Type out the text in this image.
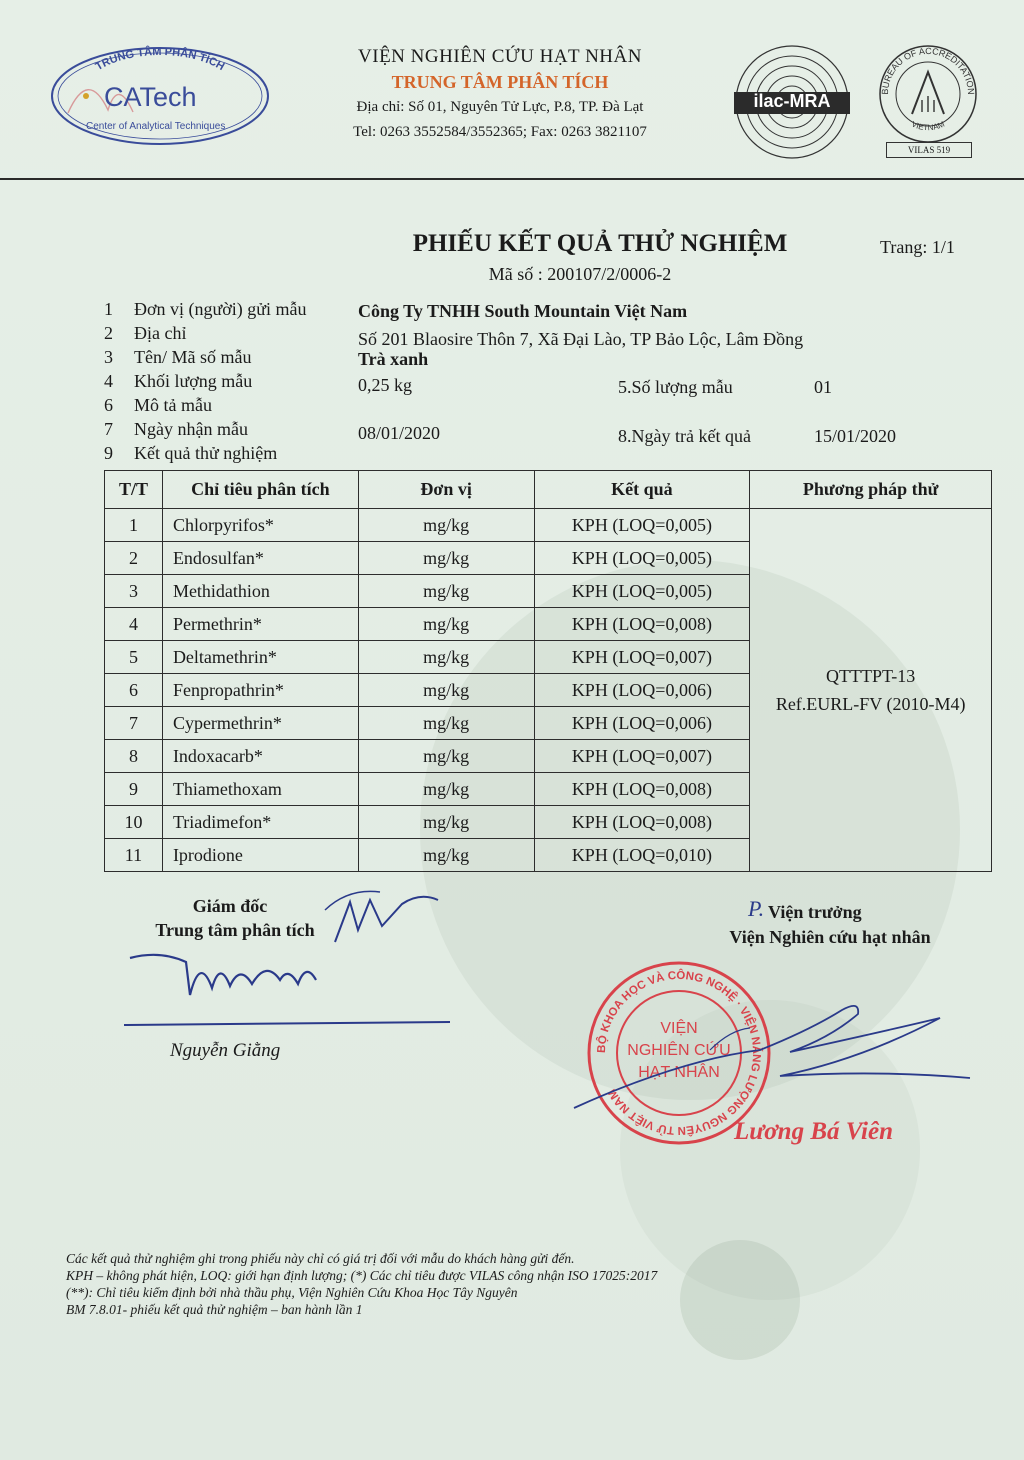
TRUNG TÂM PHÂN TÍCH
CATech
Center of Analytical Techniques
VIỆN NGHIÊN CỨU HẠT NHÂN
TRUNG TÂM PHÂN TÍCH
Địa chỉ: Số 01, Nguyên Tử Lực, P.8, TP. Đà Lạt
Tel: 0263 3552584/3552365; Fax: 0263 3821107
ilac-MRA	BUREAU OF ACCREDITATION
VIETNAM
VILAS 519
PHIẾU KẾT QUẢ THỬ NGHIỆM	Trang: 1/1
Mã số : 200107/2/0006-2
1	Đơn vị (người) gửi mẫu	Công Ty TNHH South Mountain Việt Nam
2	Địa chỉ	Số 201 Blaosire Thôn 7, Xã Đại Lào, TP Bảo Lộc, Lâm Đồng
3	Tên/ Mã số mẫu	Trà xanh
4	Khối lượng mẫu	0,25 kg	5.Số lượng mẫu	01
6	Mô tả mẫu
7	Ngày nhận mẫu	08/01/2020	8.Ngày trả kết quả	15/01/2020
9	Kết quả thử nghiệm
T/T	Chỉ tiêu phân tích	Đơn vị	Kết quả	Phương pháp thử
1	Chlorpyrifos*	mg/kg	KPH (LOQ=0,005)	QTTTPT-13
Ref.EURL-FV (2010-M4)

2	Endosulfan*	mg/kg	KPH (LOQ=0,005)	
3	Methidathion	mg/kg	KPH (LOQ=0,005)	
4	Permethrin*	mg/kg	KPH (LOQ=0,008)	
5	Deltamethrin*	mg/kg	KPH (LOQ=0,007)	
6	Fenpropathrin*	mg/kg	KPH (LOQ=0,006)	
7	Cypermethrin*	mg/kg	KPH (LOQ=0,006)	
8	Indoxacarb*	mg/kg	KPH (LOQ=0,007)	
9	Thiamethoxam	mg/kg	KPH (LOQ=0,008)	
10	Triadimefon*	mg/kg	KPH (LOQ=0,008)	
11	Iprodione	mg/kg	KPH (LOQ=0,010)	
Giám đốc
Trung tâm phân tích
Nguyễn Giằng
P. Viện trưởng
Viện Nghiên cứu hạt nhân
BỘ KHOA HỌC VÀ CÔNG NGHỆ · VIỆN NĂNG LƯỢNG NGUYÊN TỬ VIỆT NAM
VIỆN
NGHIÊN CỨU
HẠT NHÂN
Lương Bá Viên
Các kết quả thử nghiệm ghi trong phiếu này chỉ có giá trị đối với mẫu do khách hàng gửi đến.
KPH – không phát hiện, LOQ: giới hạn định lượng; (*) Các chỉ tiêu được VILAS công nhận ISO 17025:2017
(**): Chỉ tiêu kiểm định bởi nhà thầu phụ, Viện Nghiên Cứu Khoa Học Tây Nguyên
BM 7.8.01- phiếu kết quả thử nghiệm – ban hành lần 1
